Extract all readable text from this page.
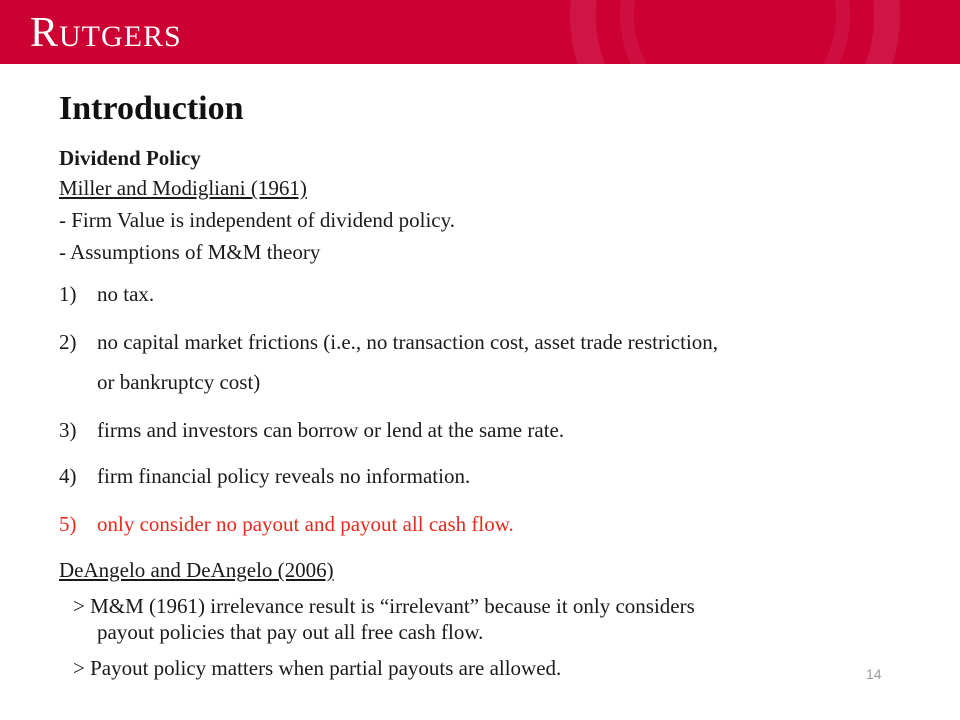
RUTGERS
Introduction
Dividend Policy
Miller and Modigliani (1961)
- Firm Value is independent of dividend policy.
- Assumptions of M&M theory
1) no tax.
2) no capital market frictions (i.e., no transaction cost, asset trade restriction,
or bankruptcy cost)
3) firms and investors can borrow or lend at the same rate.
4) firm financial policy reveals no information.
5) only consider no payout and payout all cash flow.
DeAngelo and DeAngelo (2006)
> M&M (1961) irrelevance result is “irrelevant” because it only considers
payout policies that pay out all free cash flow.
> Payout policy matters when partial payouts are allowed.	14
